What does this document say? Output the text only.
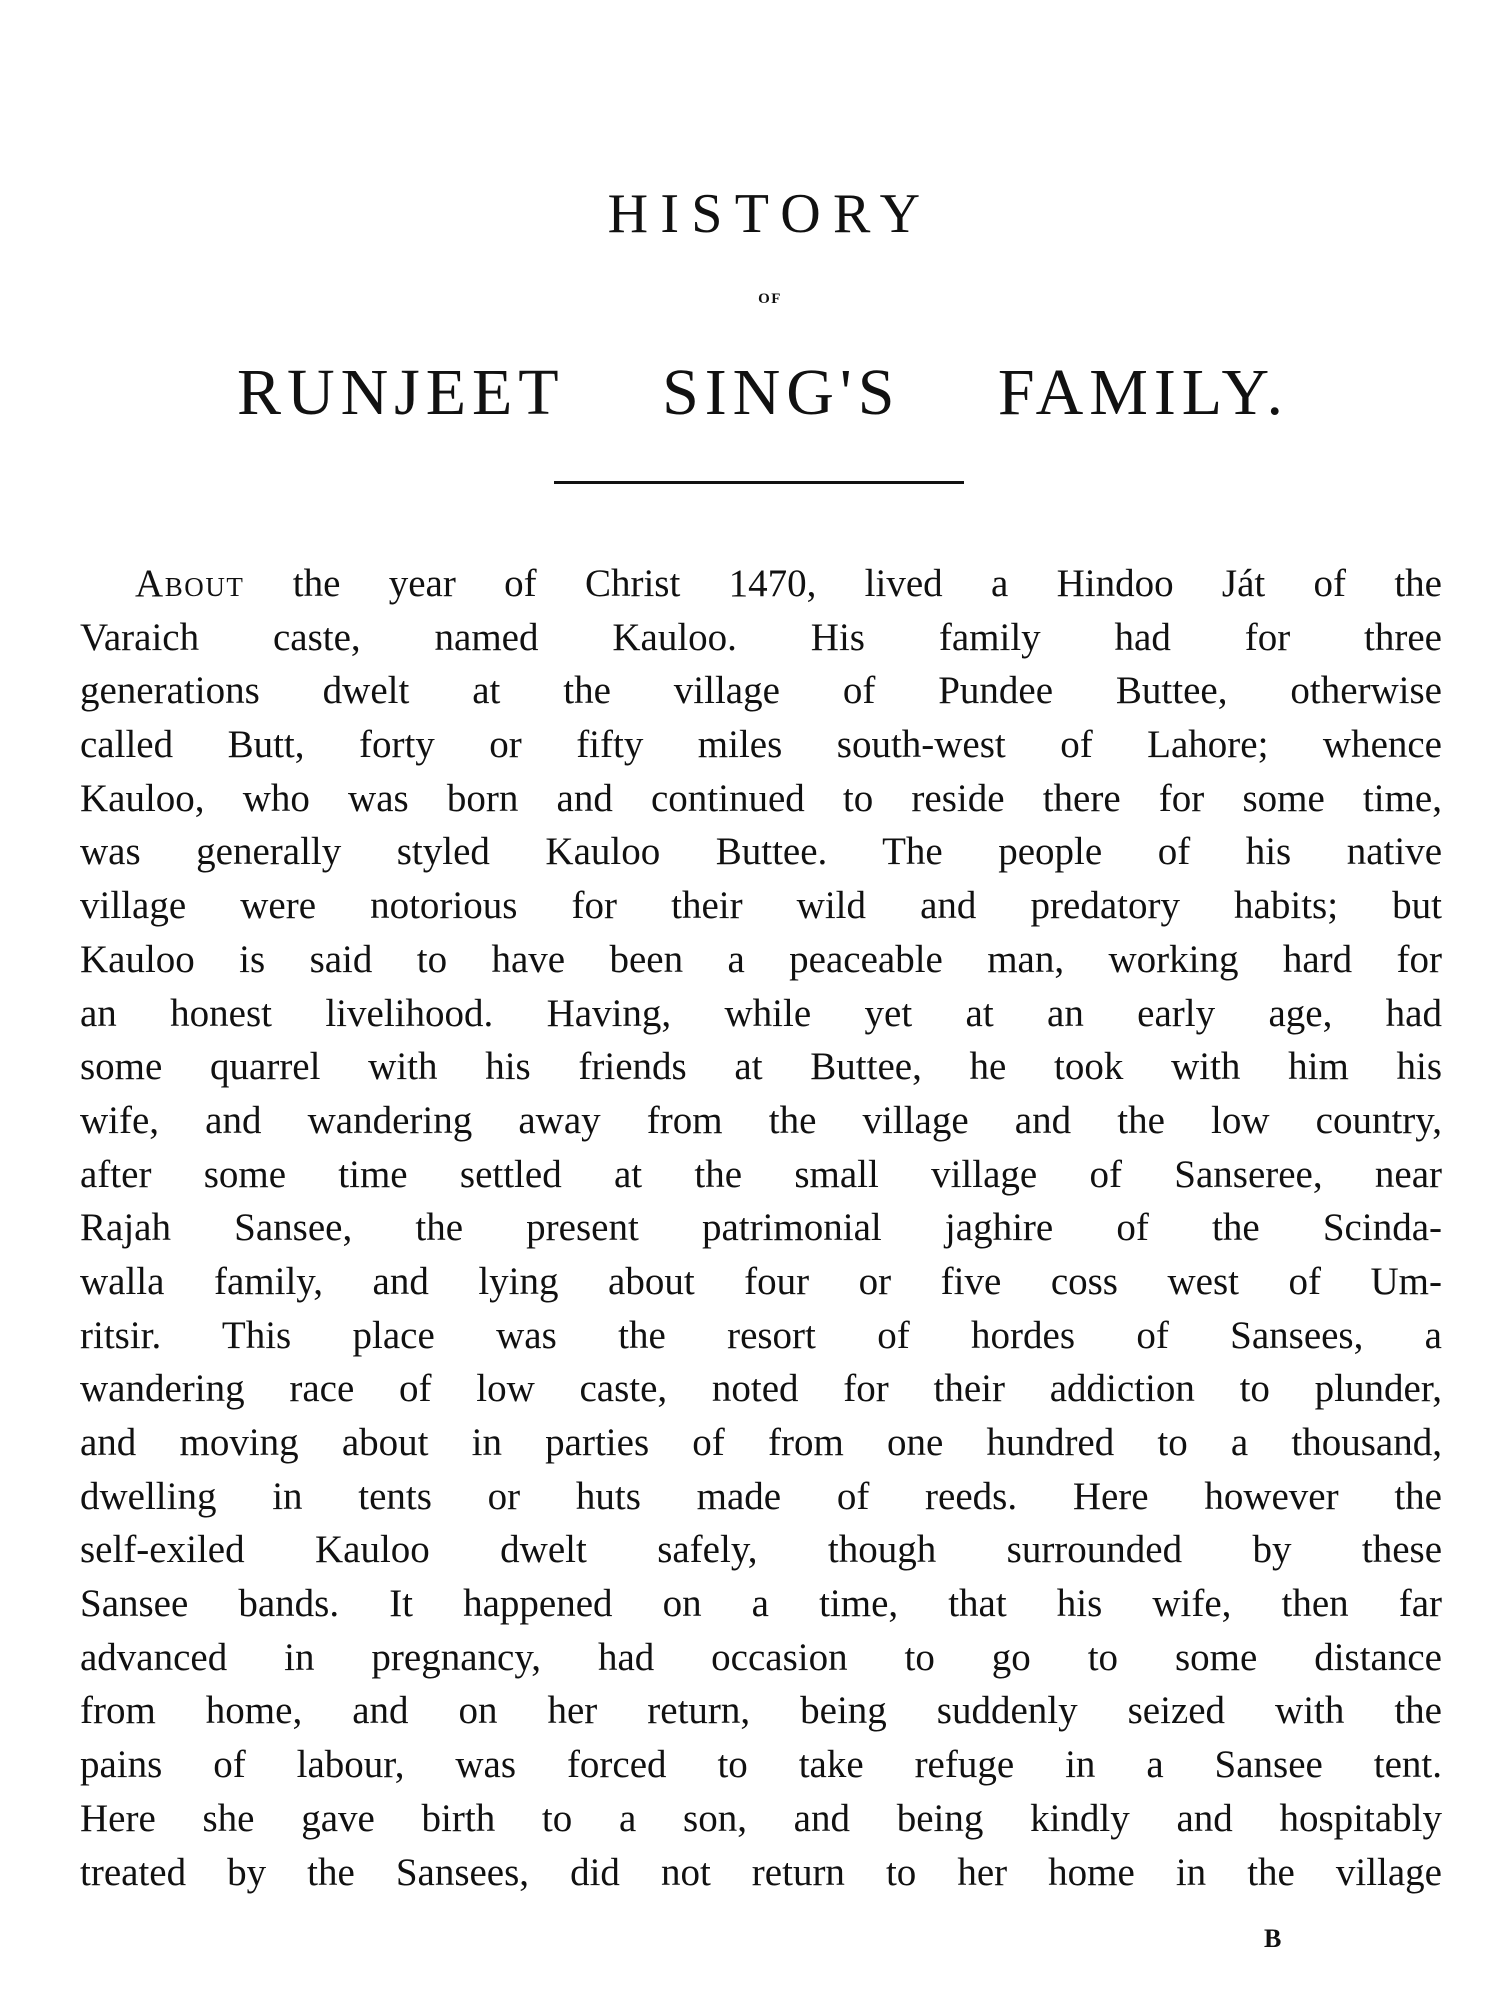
HISTORY
OF
RUNJEET SING'S FAMILY.
About the year of Christ 1470, lived a Hindoo Ját of the
Varaich caste, named Kauloo. His family had for three
generations dwelt at the village of Pundee Buttee, otherwise
called Butt, forty or fifty miles south-west of Lahore; whence
Kauloo, who was born and continued to reside there for some time,
was generally styled Kauloo Buttee. The people of his native
village were notorious for their wild and predatory habits; but
Kauloo is said to have been a peaceable man, working hard for
an honest livelihood. Having, while yet at an early age, had
some quarrel with his friends at Buttee, he took with him his
wife, and wandering away from the village and the low country,
after some time settled at the small village of Sanseree, near
Rajah Sansee, the present patrimonial jaghire of the Scinda-
walla family, and lying about four or five coss west of Um-
ritsir. This place was the resort of hordes of Sansees, a
wandering race of low caste, noted for their addiction to plunder,
and moving about in parties of from one hundred to a thousand,
dwelling in tents or huts made of reeds. Here however the
self-exiled Kauloo dwelt safely, though surrounded by these
Sansee bands. It happened on a time, that his wife, then far
advanced in pregnancy, had occasion to go to some distance
from home, and on her return, being suddenly seized with the
pains of labour, was forced to take refuge in a Sansee tent.
Here she gave birth to a son, and being kindly and hospitably
treated by the Sansees, did not return to her home in the village
B
